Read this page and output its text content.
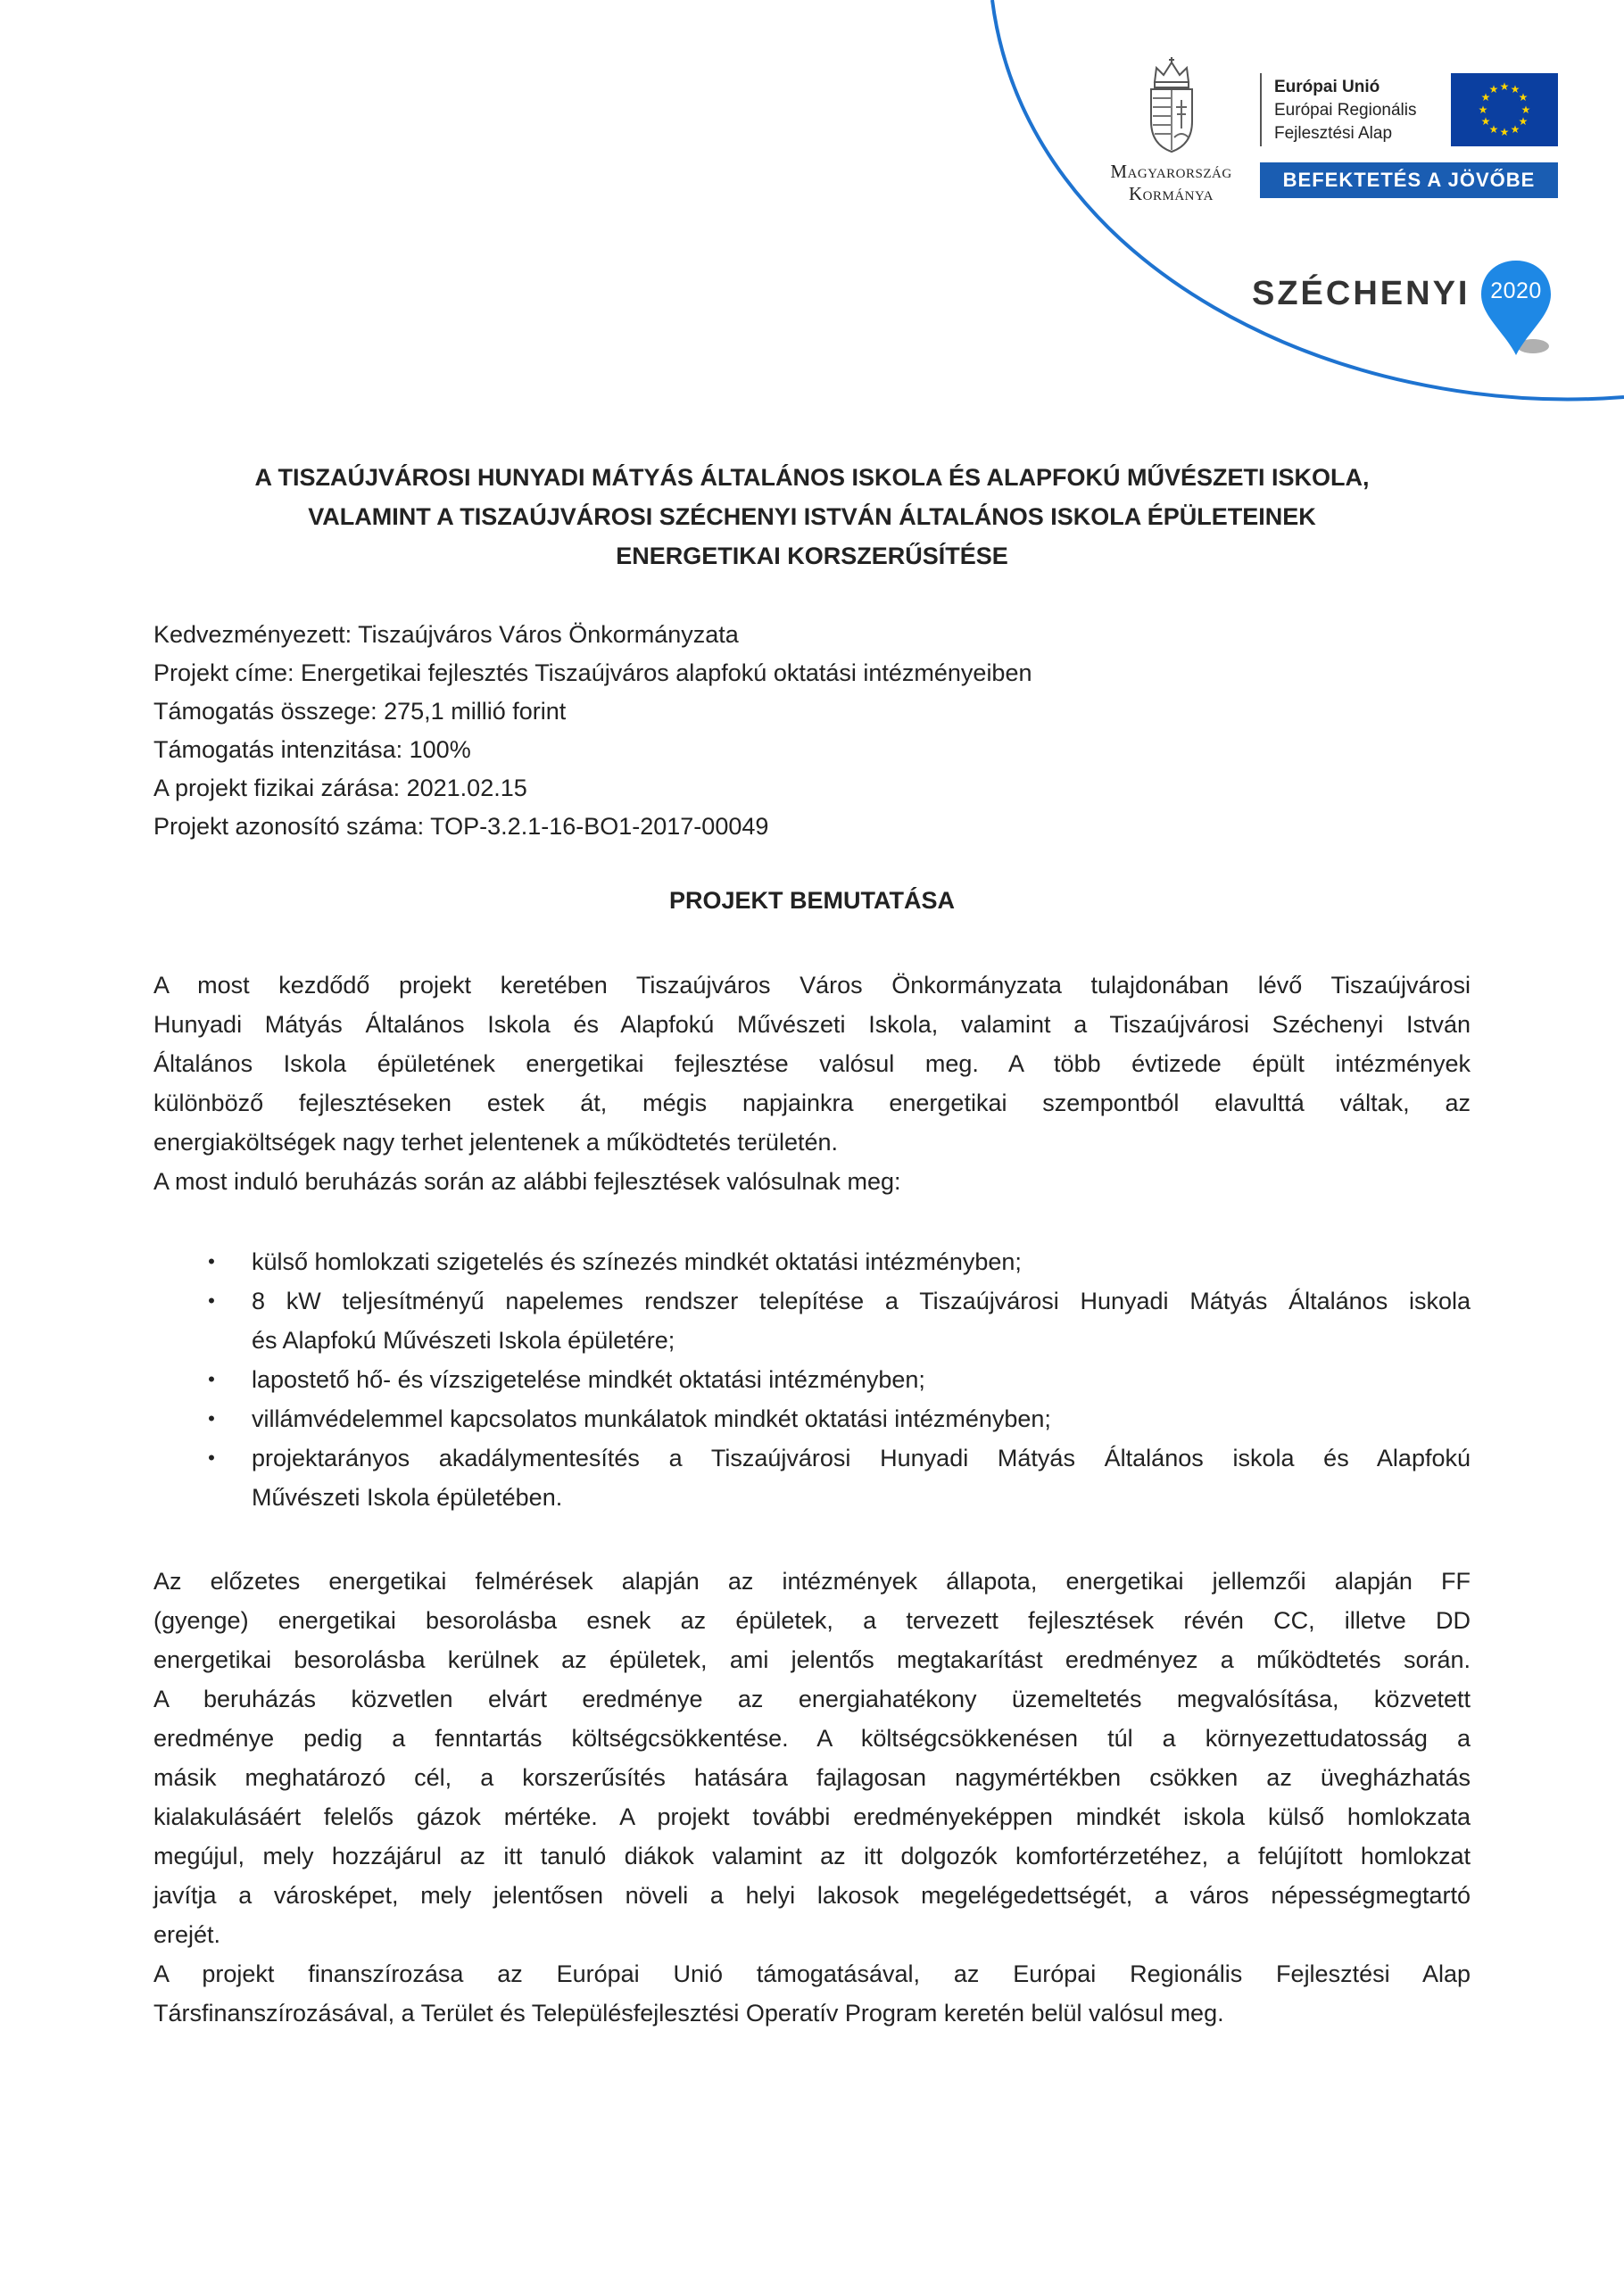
Magyarország
Kormánya
Európai Unió
Európai Regionális
Fejlesztési Alap
★ ★
★
★
★
★
★
★
★
★
★
★
BEFEKTETÉS A JÖVŐBE
SZÉCHENYI 2020
A TISZAÚJVÁROSI HUNYADI MÁTYÁS ÁLTALÁNOS ISKOLA ÉS ALAPFOKÚ MŰVÉSZETI ISKOLA,
VALAMINT A TISZAÚJVÁROSI SZÉCHENYI ISTVÁN ÁLTALÁNOS ISKOLA ÉPÜLETEINEK
ENERGETIKAI KORSZERŰSÍTÉSE
Kedvezményezett: Tiszaújváros Város Önkormányzata
Projekt címe: Energetikai fejlesztés Tiszaújváros alapfokú oktatási intézményeiben
Támogatás összege: 275,1 millió forint
Támogatás intenzitása: 100%
A projekt fizikai zárása: 2021.02.15
Projekt azonosító száma: TOP-3.2.1-16-BO1-2017-00049
PROJEKT BEMUTATÁSA
A most kezdődő projekt keretében Tiszaújváros Város Önkormányzata tulajdonában lévő Tiszaújvárosi
Hunyadi Mátyás Általános Iskola és Alapfokú Művészeti Iskola, valamint a Tiszaújvárosi Széchenyi István
Általános Iskola épületének energetikai fejlesztése valósul meg. A több évtizede épült intézmények
különböző fejlesztéseken estek át, mégis napjainkra energetikai szempontból elavulttá váltak, az
energiaköltségek nagy terhet jelentenek a működtetés területén.
A most induló beruházás során az alábbi fejlesztések valósulnak meg:
• külső homlokzati szigetelés és színezés mindkét oktatási intézményben;
• 8 kW teljesítményű napelemes rendszer telepítése a Tiszaújvárosi Hunyadi Mátyás Általános iskola
és Alapfokú Művészeti Iskola épületére;
• lapostető hő- és vízszigetelése mindkét oktatási intézményben;
• villámvédelemmel kapcsolatos munkálatok mindkét oktatási intézményben;
• projektarányos akadálymentesítés a Tiszaújvárosi Hunyadi Mátyás Általános iskola és Alapfokú
Művészeti Iskola épületében.
Az előzetes energetikai felmérések alapján az intézmények állapota, energetikai jellemzői alapján FF
(gyenge) energetikai besorolásba esnek az épületek, a tervezett fejlesztések révén CC, illetve DD
energetikai besorolásba kerülnek az épületek, ami jelentős megtakarítást eredményez a működtetés során.
A beruházás közvetlen elvárt eredménye az energiahatékony üzemeltetés megvalósítása, közvetett
eredménye pedig a fenntartás költségcsökkentése. A költségcsökkenésen túl a környezettudatosság a
másik meghatározó cél, a korszerűsítés hatására fajlagosan nagymértékben csökken az üvegházhatás
kialakulásáért felelős gázok mértéke. A projekt további eredményeképpen mindkét iskola külső homlokzata
megújul, mely hozzájárul az itt tanuló diákok valamint az itt dolgozók komfortérzetéhez, a felújított homlokzat
javítja a városképet, mely jelentősen növeli a helyi lakosok megelégedettségét, a város népességmegtartó
erejét.
A projekt finanszírozása az Európai Unió támogatásával, az Európai Regionális Fejlesztési Alap
Társfinanszírozásával, a Terület és Településfejlesztési Operatív Program keretén belül valósul meg.
